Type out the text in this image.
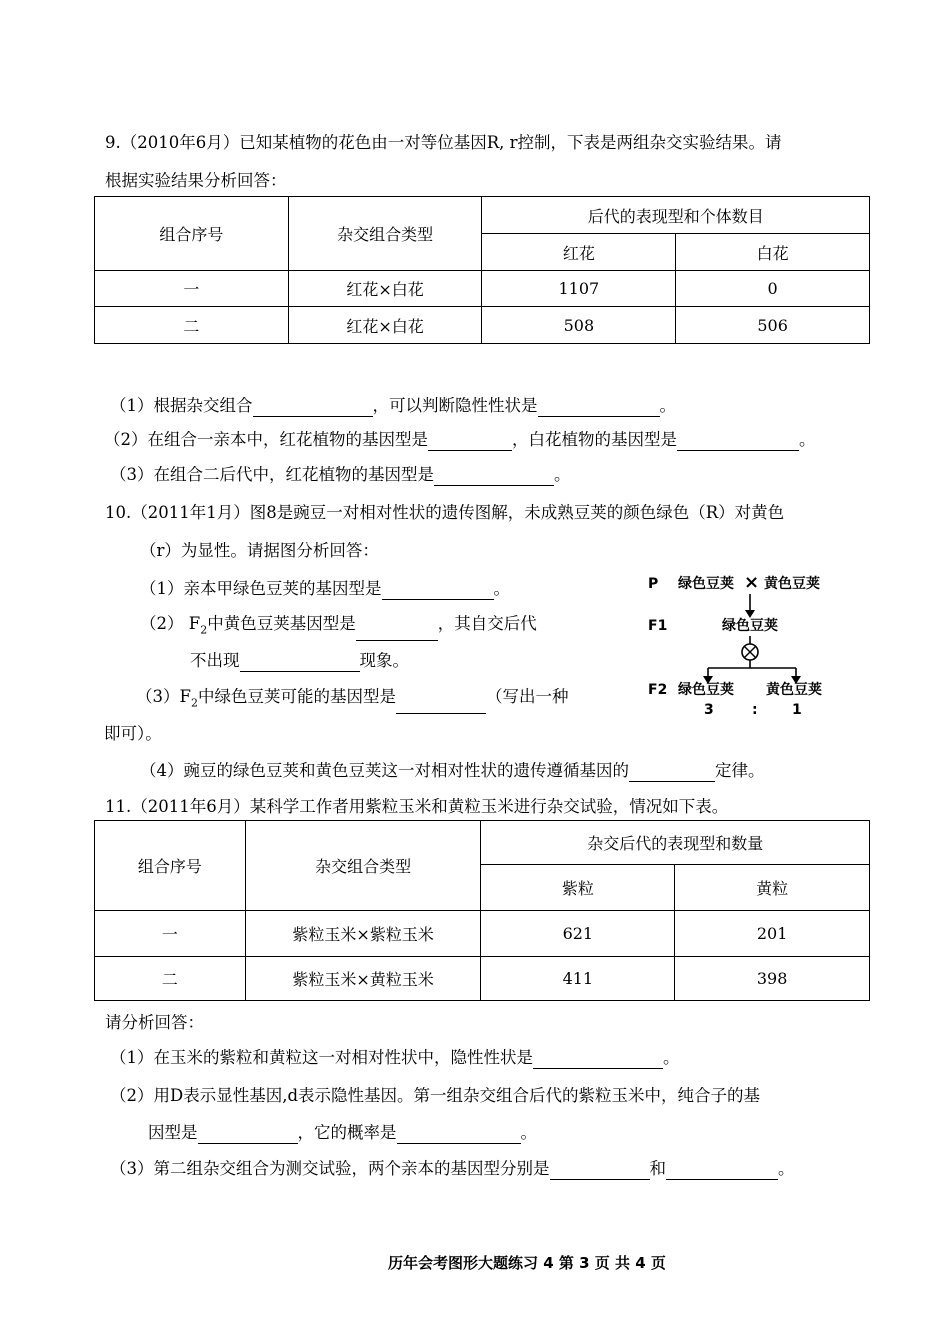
9.（2010年6月）已知某植物的花色由一对等位基因R, r控制，下表是两组杂交实验结果。请
根据实验结果分析回答：
组合序号	杂交组合类型	后代的表现型和个体数目	
		红花	白花
一	红花×白花	1107	0
二	红花×白花	508	506
（1）根据杂交组合	，可以判断隐性性状是	。
（2）在组合一亲本中，红花植物的基因型是	，白花植物的基因型是	。
（3）在组合二后代中，红花植物的基因型是	。
10.（2011年1月）图8是豌豆一对相对性状的遗传图解，未成熟豆荚的颜色绿色（R）对黄色
（r）为显性。请据图分析回答：
（1）亲本甲绿色豆荚的基因型是	。
（2） $F_2$中黄色豆荚基因型是	，其自交后代
不出现	现象。
$(3)F_2$中绿色豆荚可能的基因型是	（写出一种
即可）。
（4）豌豆的绿色豆荚和黄色豆荚这一对相对性状的遗传遵循基因的	定律。
P 绿色豆荚 × 黄色豆荚
F1	绿色豆荚
F2 绿色豆荚 黄色豆荚
3	: 1
11.（2011年6月）某科学工作者用紫粒玉米和黄粒玉米进行杂交试验，情况如下表。
组合序号	杂交组合类型	杂交后代的表现型和数量	
		紫粒	黄粒
一	紫粒玉米×紫粒玉米	621	201
二	紫粒玉米×黄粒玉米	411	398
请分析回答：
（1）在玉米的紫粒和黄粒这一对相对性状中，隐性性状是	。
（2）用D表示显性基因,d表示隐性基因。第一组杂交组合后代的紫粒玉米中，纯合子的基
因型是	，它的概率是	。
（3）第二组杂交组合为测交试验，两个亲本的基因型分别是	和	。
历年会考图形大题练习 4 第 3 页 共 4 页
